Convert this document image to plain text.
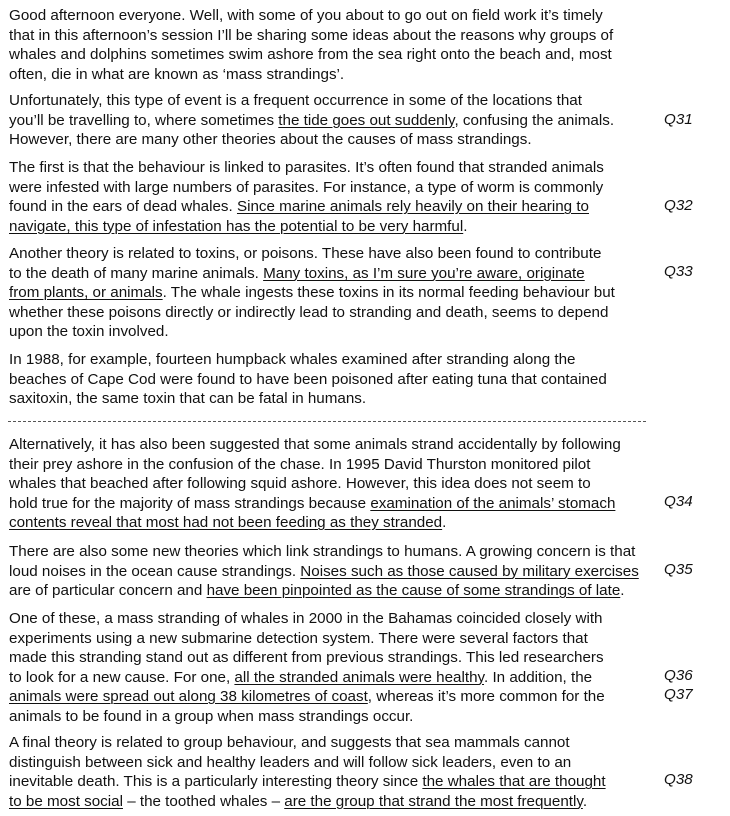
Good afternoon everyone. Well, with some of you about to go out on field work it’s timely
that in this afternoon’s session I’ll be sharing some ideas about the reasons why groups of
whales and dolphins sometimes swim ashore from the sea right onto the beach and, most
often, die in what are known as ‘mass strandings’.
Unfortunately, this type of event is a frequent occurrence in some of the locations that
you’ll be travelling to, where sometimes the tide goes out suddenly, confusing the animals.
However, there are many other theories about the causes of mass strandings.
The first is that the behaviour is linked to parasites. It’s often found that stranded animals
were infested with large numbers of parasites. For instance, a type of worm is commonly
found in the ears of dead whales. Since marine animals rely heavily on their hearing to
navigate, this type of infestation has the potential to be very harmful.
Another theory is related to toxins, or poisons. These have also been found to contribute
to the death of many marine animals. Many toxins, as I’m sure you’re aware, originate
from plants, or animals. The whale ingests these toxins in its normal feeding behaviour but
whether these poisons directly or indirectly lead to stranding and death, seems to depend
upon the toxin involved.
In 1988, for example, fourteen humpback whales examined after stranding along the
beaches of Cape Cod were found to have been poisoned after eating tuna that contained
saxitoxin, the same toxin that can be fatal in humans.
Alternatively, it has also been suggested that some animals strand accidentally by following
their prey ashore in the confusion of the chase. In 1995 David Thurston monitored pilot
whales that beached after following squid ashore. However, this idea does not seem to
hold true for the majority of mass strandings because examination of the animals’ stomach
contents reveal that most had not been feeding as they stranded.
There are also some new theories which link strandings to humans. A growing concern is that
loud noises in the ocean cause strandings. Noises such as those caused by military exercises
are of particular concern and have been pinpointed as the cause of some strandings of late.
One of these, a mass stranding of whales in 2000 in the Bahamas coincided closely with
experiments using a new submarine detection system. There were several factors that
made this stranding stand out as different from previous strandings. This led researchers
to look for a new cause. For one, all the stranded animals were healthy. In addition, the
animals were spread out along 38 kilometres of coast, whereas it’s more common for the
animals to be found in a group when mass strandings occur.
A final theory is related to group behaviour, and suggests that sea mammals cannot
distinguish between sick and healthy leaders and will follow sick leaders, even to an
inevitable death. This is a particularly interesting theory since the whales that are thought
to be most social – the toothed whales – are the group that strand the most frequently.
Q31
Q32
Q33
Q34
Q35
Q36
Q37
Q38
